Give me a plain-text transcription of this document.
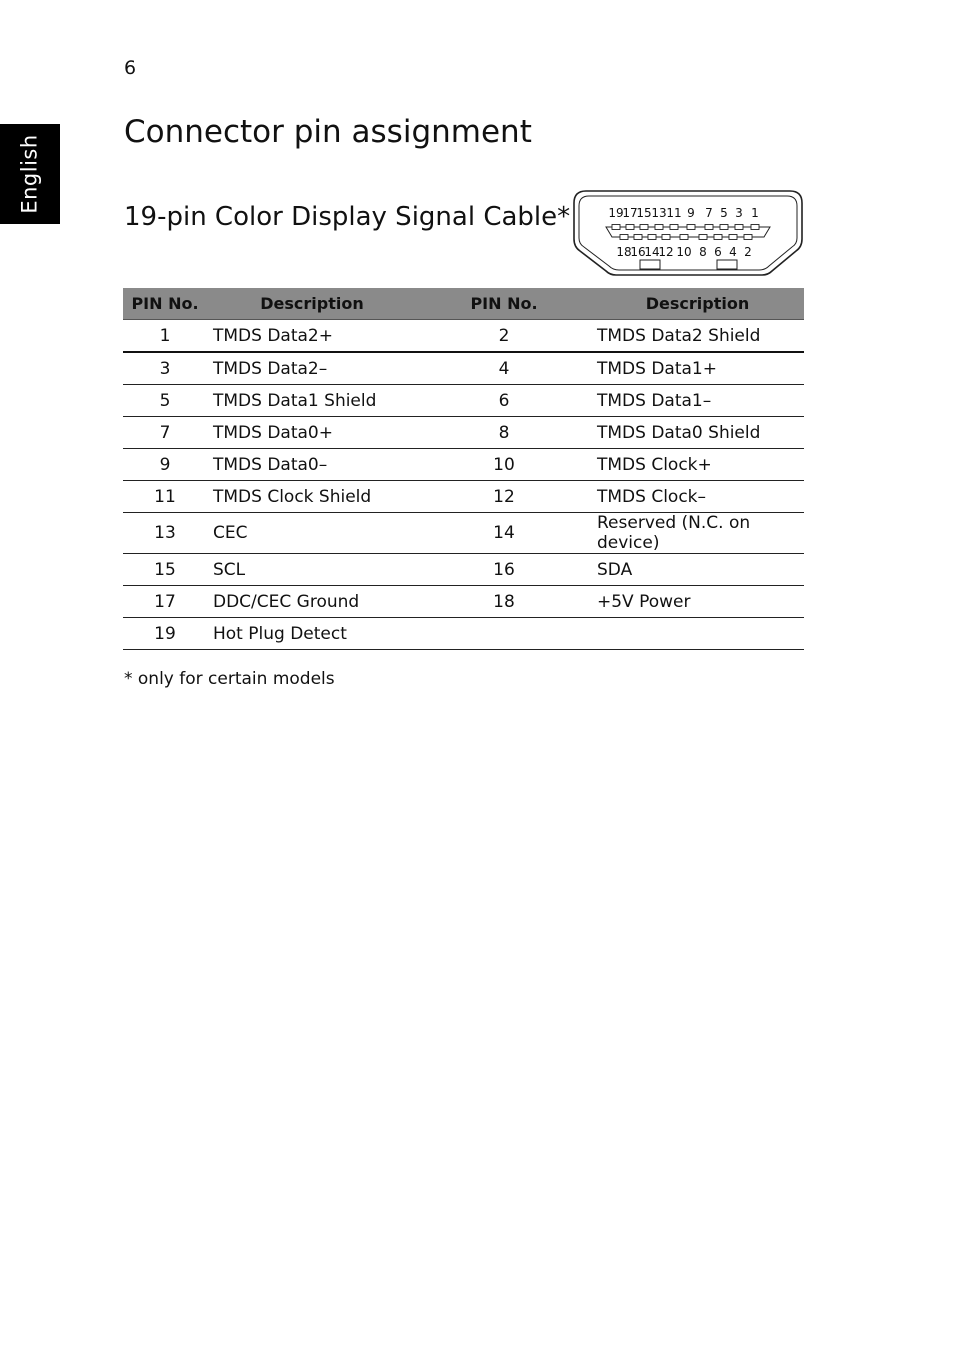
6
English
Connector pin assignment
19-pin Color Display Signal Cable*	19
17
15 13 11 9 7 5 3 1
18
16
14
12 10 8 6 4 2
PIN No.	Description	PIN No.	Description
1	TMDS Data2+	2	TMDS Data2 Shield
3	TMDS Data2–	4	TMDS Data1+
5	TMDS Data1 Shield	6	TMDS Data1–
7	TMDS Data0+	8	TMDS Data0 Shield
9	TMDS Data0–	10	TMDS Clock+
11	TMDS Clock Shield	12	TMDS Clock–
13	CEC	14	Reserved (N.C. on device)
15	SCL	16	SDA
17	DDC/CEC Ground	18	+5V Power
19	Hot Plug Detect		
* only for certain models
